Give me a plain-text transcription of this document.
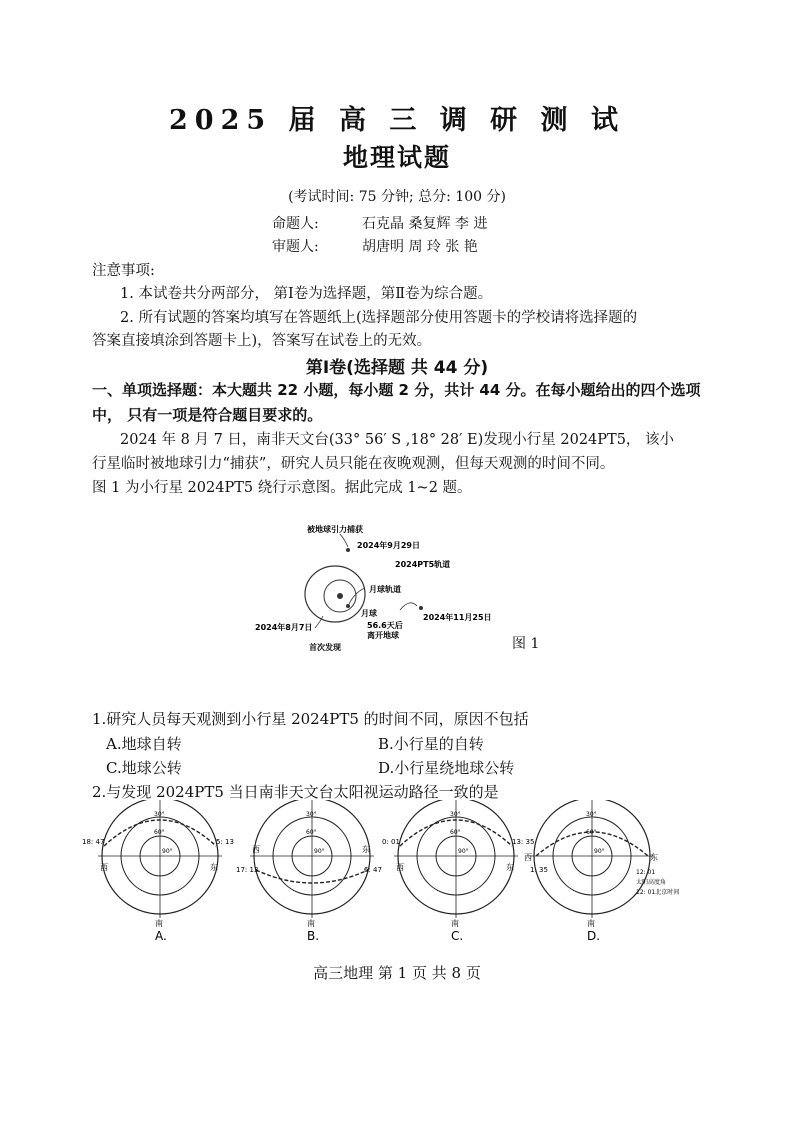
2025 届 高 三 调 研 测 试
地理试题
(考试时间: 75 分钟; 总分: 100 分)
命题人:	石克晶 桑复辉 李 进
审题人:	胡唐明 周 玲 张 艳
注意事项:
1. 本试卷共分两部分， 第Ⅰ卷为选择题，第Ⅱ卷为综合题。
2. 所有试题的答案均填写在答题纸上(选择题部分使用答题卡的学校请将选择题的
答案直接填涂到答题卡上)，答案写在试卷上的无效。
第Ⅰ卷(选择题 共 44 分)
一、单项选择题：本大题共 22 小题，每小题 2 分，共计 44 分。在每小题给出的四个选项
中， 只有一项是符合题目要求的。
2024 年 8 月 7 日，南非天文台(33° 56′ S ,18° 28′ E)发现小行星 2024PT5， 该小
行星临时被地球引力“捕获”，研究人员只能在夜晚观测，但每天观测的时间不同。
图 1 为小行星 2024PT5 绕行示意图。据此完成 1~2 题。
被地球引力捕获
2024年9月29日
2024PT5轨道
月球轨道
月球	2024年11月25日
2024年8月7日	56.6天后
离开地球
首次发现	图 1
1.研究人员每天观测到小行星 2024PT5 的时间不同，原因不包括
A.地球自转	B.小行星的自转
C.地球公转	D.小行星绕地球公转
2.与发现 2024PT5 当日南非天文台太阳视运动路径一致的是
南
西	东
18: 47	5: 13
30°
60°
90°
A.
南
西	东
17: 13	6: 47
30°
60°
90°
B.
南
西	东
0: 01	13: 35
30°
60°
90°
C.
南
西	东
1: 35	12: 01
30°
60°
90°
太阳高度角
12: 01北京时间
D.
高三地理 第 1 页 共 8 页
